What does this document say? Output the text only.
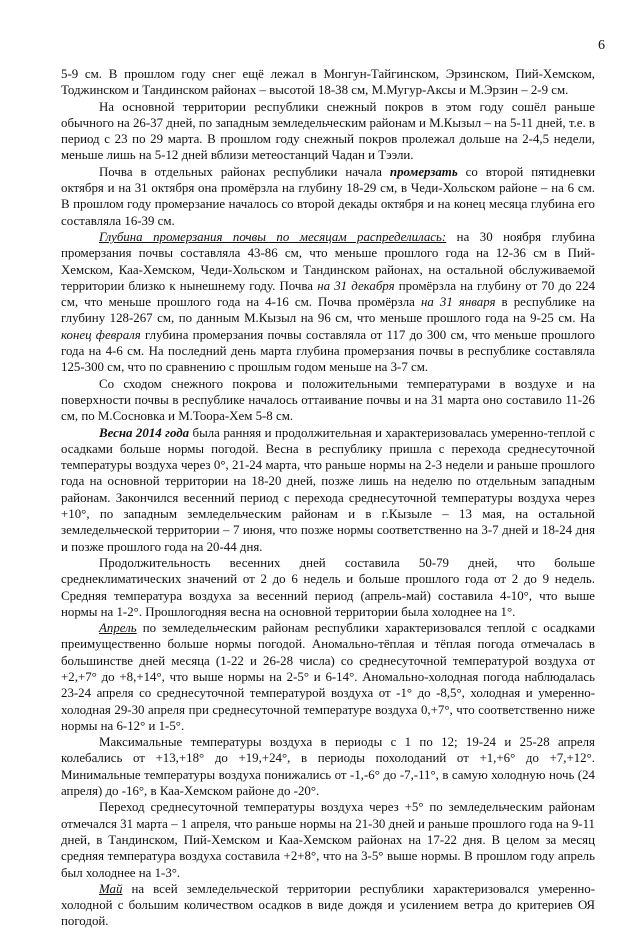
6

5-9 см. В прошлом году снег ещё лежал в Монгун-Тайгинском, Эрзинском, Пий-Хемском, Тоджинском и Тандинском районах – высотой 18-38 см, М.Мугур-Аксы и М.Эрзин – 2-9 см.

На основной территории республики снежный покров в этом году сошёл раньше обычного на 26-37 дней, по западным земледельческим районам и М.Кызыл – на 5-11 дней, т.е. в период с 23 по 29 марта. В прошлом году снежный покров пролежал дольше на 2-4,5 недели, меньше лишь на 5-12 дней вблизи метеостанций Чадан и Тээли.

Почва в отдельных районах республики начала промерзать со второй пятидневки октября и на 31 октября она промёрзла на глубину 18-29 см, в Чеди-Хольском районе – на 6 см. В прошлом году промерзание началось со второй декады октября и на конец месяца глубина его составляла 16-39 см.

Глубина промерзания почвы по месяцам распределилась: на 30 ноября глубина промерзания почвы составляла 43-86 см, что меньше прошлого года на 12-36 см в Пий-Хемском, Каа-Хемском, Чеди-Хольском и Тандинском районах, на остальной обслуживаемой территории близко к нынешнему году. Почва на 31 декабря промёрзла на глубину от 70 до 224 см, что меньше прошлого года на 4-16 см. Почва промёрзла на 31 января в республике на глубину 128-267 см, по данным М.Кызыл на 96 см, что меньше прошлого года на 9-25 см. На конец февраля глубина промерзания почвы составляла от 117 до 300 см, что меньше прошлого года на 4-6 см. На последний день марта глубина промерзания почвы в республике составляла 125-300 см, что по сравнению с прошлым годом меньше на 3-7 см.

Со сходом снежного покрова и положительными температурами в воздухе и на поверхности почвы в республике началось оттаивание почвы и на 31 марта оно составило 11-26 см, по М.Сосновка и М.Тоора-Хем 5-8 см.

Весна 2014 года была ранняя и продолжительная и характеризовалась умеренно-теплой с осадками больше нормы погодой. Весна в республику пришла с перехода среднесуточной температуры воздуха через 0°, 21-24 марта, что раньше нормы на 2-3 недели и раньше прошлого года на основной территории на 18-20 дней, позже лишь на неделю по отдельным западным районам. Закончился весенний период с перехода среднесуточной температуры воздуха через +10°, по западным земледельческим районам и в г.Кызыле – 13 мая, на остальной земледельческой территории – 7 июня, что позже нормы соответственно на 3-7 дней и 18-24 дня и позже прошлого года на 20-44 дня.

Продолжительность весенних дней составила 50-79 дней, что больше среднеклиматических значений от 2 до 6 недель и больше прошлого года от 2 до 9 недель. Средняя температура воздуха за весенний период (апрель-май) составила 4-10°, что выше нормы на 1-2°. Прошлогодняя весна на основной территории была холоднее на 1°.

Апрель по земледельческим районам республики характеризовался теплой с осадками преимущественно больше нормы погодой. Аномально-тёплая и тёплая погода отмечалась в большинстве дней месяца (1-22 и 26-28 числа) со среднесуточной температурой воздуха от +2,+7° до +8,+14°, что выше нормы на 2-5° и 6-14°. Аномально-холодная погода наблюдалась 23-24 апреля со среднесуточной температурой воздуха от -1° до -8,5°, холодная и умеренно-холодная 29-30 апреля при среднесуточной температуре воздуха 0,+7°, что соответственно ниже нормы на 6-12° и 1-5°.

Максимальные температуры воздуха в периоды с 1 по 12; 19-24 и 25-28 апреля колебались от +13,+18° до +19,+24°, в периоды похолоданий от +1,+6° до +7,+12°. Минимальные температуры воздуха понижались от -1,-6° до -7,-11°, в самую холодную ночь (24 апреля) до -16°, в Каа-Хемском районе до -20°.

Переход среднесуточной температуры воздуха через +5° по земледельческим районам отмечался 31 марта – 1 апреля, что раньше нормы на 21-30 дней и раньше прошлого года на 9-11 дней, в Тандинском, Пий-Хемском и Каа-Хемском районах на 17-22 дня. В целом за месяц средняя температура воздуха составила +2+8°, что на 3-5° выше нормы. В прошлом году апрель был холоднее на 1-3°.

Май на всей земледельческой территории республики характеризовался умеренно-холодной с большим количеством осадков в виде дождя и усилением ветра до критериев ОЯ погодой.
